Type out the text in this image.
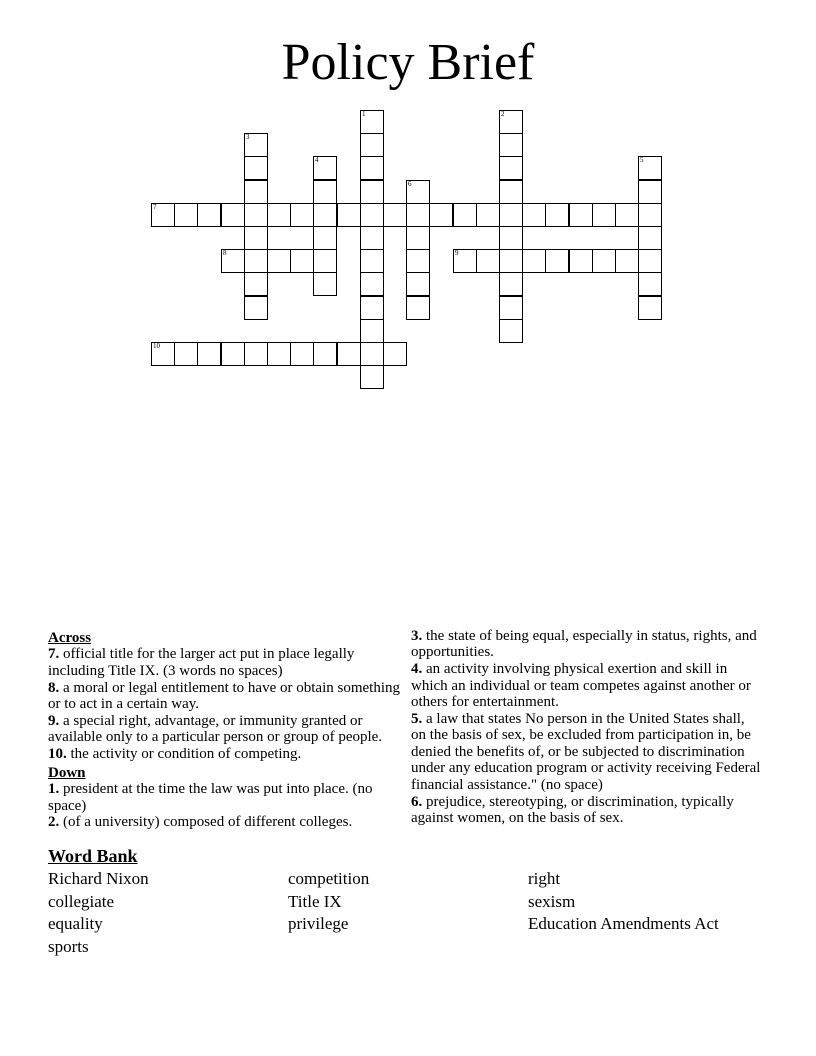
Policy Brief
7
8	9
10
1	2
3
4	5
6
Across
7. official title for the larger act put in place legally including Title IX. (3 words no spaces)
8. a moral or legal entitlement to have or obtain something or to act in a certain way.
9. a special right, advantage, or immunity granted or available only to a particular person or group of people.
10. the activity or condition of competing.
Down
1. president at the time the law was put into place. (no space)
2. (of a university) composed of different colleges.
3. the state of being equal, especially in status, rights, and opportunities.
4. an activity involving physical exertion and skill in which an individual or team competes against another or others for entertainment.
5. a law that states No person in the United States shall, on the basis of sex, be excluded from participation in, be denied the benefits of, or be subjected to discrimination under any education program or activity receiving Federal financial assistance." (no space)
6. prejudice, stereotyping, or discrimination, typically against women, on the basis of sex.
Word Bank
Richard Nixon	competition	right
collegiate	Title IX	sexism
equality	privilege	Education Amendments Act
sports
